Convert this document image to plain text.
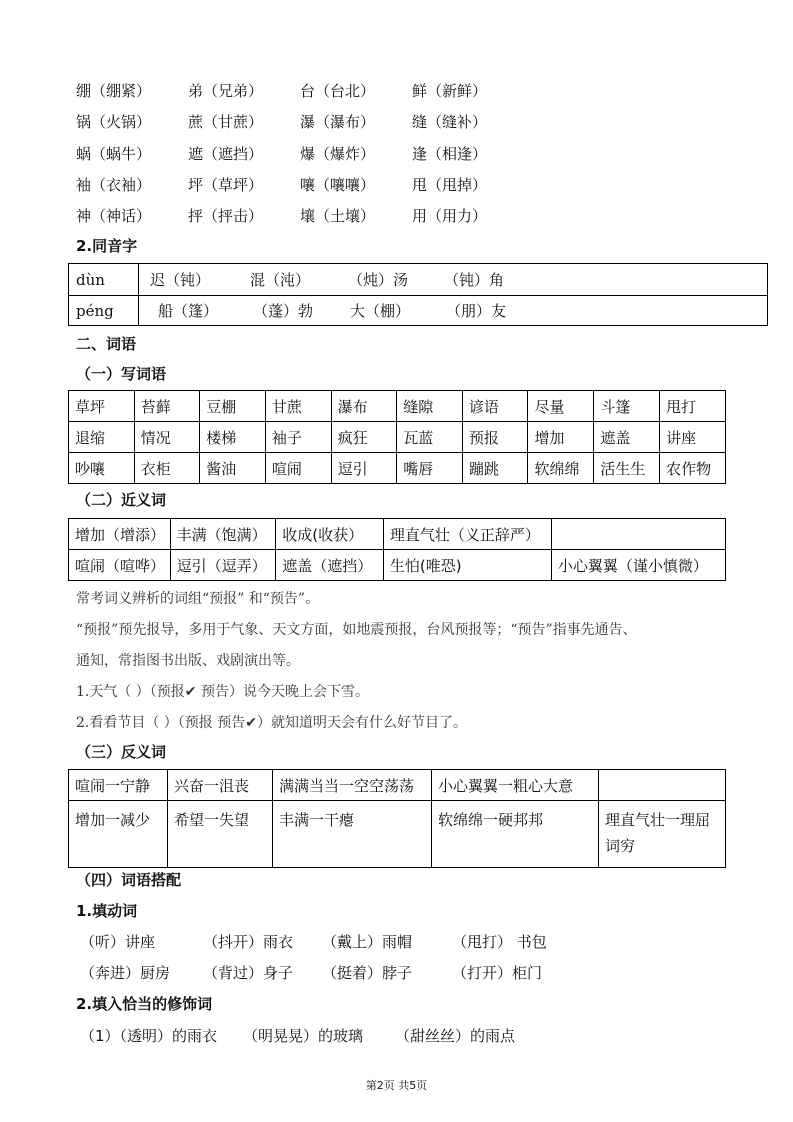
绷（绷紧） 弟（兄弟） 台（台北） 鲜（新鲜）
锅（火锅） 蔗（甘蔗） 瀑（瀑布） 缝（缝补）
蜗（蜗牛） 遮（遮挡） 爆（爆炸） 逢（相逢）
袖（衣袖） 坪（草坪） 嚷（嚷嚷） 甩（甩掉）
神（神话） 抨（抨击） 壤（土壤） 用（用力）
2.同音字
dùn	迟（钝）	混（沌）	（炖）汤 （钝）角
péng	船（篷） （蓬）勃 大（棚） （朋）友
二、词语
（一）写词语
草坪	苔藓	豆棚	甘蔗	瀑布	缝隙	谚语	尽量	斗篷	甩打
退缩	情况	楼梯	袖子	疯狂	瓦蓝	预报	增加	遮盖	讲座
吵嚷	衣柜	酱油	喧闹	逗引	嘴唇	蹦跳	软绵绵	活生生	农作物
（二）近义词
增加（增添）	丰满（饱满）	收成(收获）	理直气壮（义正辞严）	
喧闹（喧哗）	逗引（逗弄）	遮盖（遮挡）	生怕(唯恐)	小心翼翼（谨小慎微）
常考词义辨析的词组“预报” 和“预告”。
“预报”预先报导，多用于气象、天文方面，如地震预报，台风预报等；“预告”指事先通告、
通知，常指图书出版、戏剧演出等。
1.天气（ ）（预报✔ 预告）说今天晚上会下雪。
2.看看节目（ ）（预报 预告✔）就知道明天会有什么好节目了。
（三）反义词
喧闹一宁静	兴奋一沮丧	满满当当一空空荡荡	小心翼翼一粗心大意	
增加一减少	希望一失望	丰满一干瘪	软绵绵一硬邦邦	理直气壮一理屈
词穷
（四）词语搭配
1.填动词
（听）讲座	（抖开）雨衣 （戴上）雨帽	（甩打） 书包
（奔进）厨房 （背过）身子 （挺着）脖子	（打开）柜门
2.填入恰当的修饰词
（1）（透明）的雨衣 （明晃晃）的玻璃 （甜丝丝）的雨点
第2页 共5页
